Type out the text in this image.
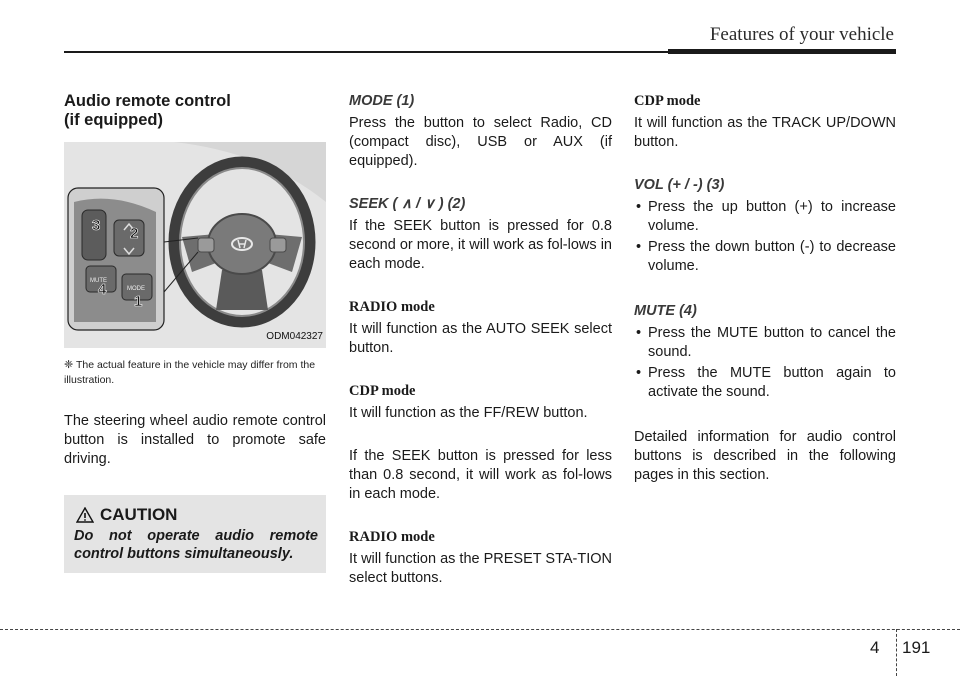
Features of your vehicle
Audio remote control
(if equipped)
MUTE
MODE
1
2
3
4
ODM042327
❈ The actual feature in the vehicle may differ from the illustration.

The steering wheel audio remote control button is installed to promote safe driving.

CAUTION
Do not operate audio remote control buttons simultaneously.
MODE (1)

Press the button to select Radio, CD (compact disc), USB or AUX (if equipped).

SEEK ( ∧ / ∨ ) (2)

If the SEEK button is pressed for 0.8 second or more, it will work as fol-lows in each mode.

RADIO mode

It will function as the AUTO SEEK select button.

CDP mode

It will function as the FF/REW button.

If the SEEK button is pressed for less than 0.8 second, it will work as fol-lows in each mode.

RADIO mode

It will function as the PRESET STA-TION select buttons.

CDP mode

It will function as the TRACK UP/DOWN button.

VOL (+ / -) (3)
• Press the up button (+) to increase volume.
• Press the down button (-) to decrease volume.
MUTE (4)
• Press the MUTE button to cancel the sound.
• Press the MUTE button again to activate the sound.

Detailed information for audio control buttons is described in the following pages in this section.

4 191
